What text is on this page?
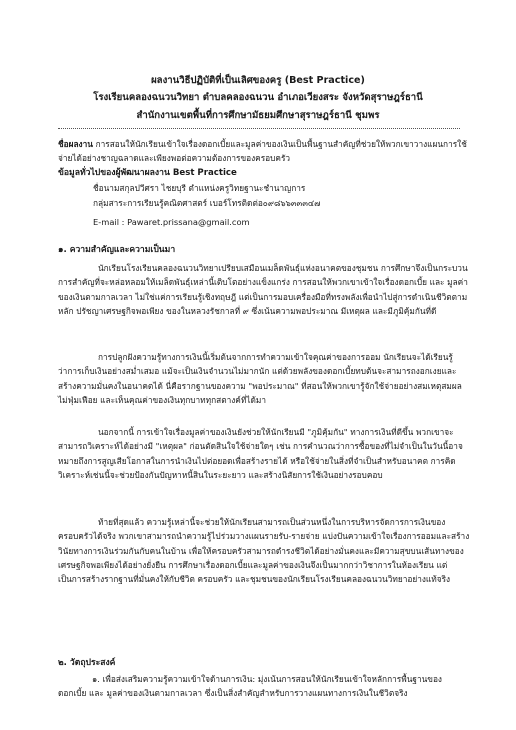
ผลงานวิธีปฏิบัติที่เป็นเลิศของครู (Best Practice)
โรงเรียนคลองฉนวนวิทยา ตำบลคลองฉนวน อำเภอเวียงสระ จังหวัดสุราษฎร์ธานี
สำนักงานเขตพื้นที่การศึกษามัธยมศึกษาสุราษฎร์ธานี ชุมพร
ชื่อผลงาน การสอนให้นักเรียนเข้าใจเรื่องดอกเบี้ยและมูลค่าของเงินเป็นพื้นฐานสำคัญที่ช่วยให้พวกเขาวางแผนการใช้จ่ายได้อย่างชาญฉลาดและเพียงพอต่อความต้องการของครอบครัว
ข้อมูลทั่วไปของผู้พัฒนาผลงาน Best Practice
ชื่อนามสกุลปวีศรา ไชยบุรี ตำแหน่งครูวิทยฐานะชำนาญการ
กลุ่มสาระการเรียนรู้คณิตศาสตร์ เบอร์โทรติดต่อ๐๙๘๖๖๓๓๓๔๗
E-mail : Pawaret.prissana@gmail.com
๑. ความสำคัญและความเป็นมา
นักเรียนโรงเรียนคลองฉนวนวิทยาเปรียบเสมือนเมล็ดพันธุ์แห่งอนาคตของชุมชน การศึกษาจึงเป็นกระบวนการสำคัญที่จะหล่อหลอมให้เมล็ดพันธุ์เหล่านี้เติบโตอย่างแข็งแกร่ง การสอนให้พวกเขาเข้าใจเรื่องดอกเบี้ย และ มูลค่าของเงินตามกาลเวลา ไม่ใช่แค่การเรียนรู้เชิงทฤษฎี แต่เป็นการมอบเครื่องมือที่ทรงพลังเพื่อนำไปสู่การดำเนินชีวิตตามหลัก ปรัชญาเศรษฐกิจพอเพียง ของในหลวงรัชกาลที่ ๙ ซึ่งเน้นความพอประมาณ มีเหตุผล และมีภูมิคุ้มกันที่ดี
การปลูกฝังความรู้ทางการเงินนี้เริ่มต้นจากการทำความเข้าใจคุณค่าของการออม นักเรียนจะได้เรียนรู้ว่าการเก็บเงินอย่างสม่ำเสมอ แม้จะเป็นเงินจำนวนไม่มากนัก แต่ด้วยพลังของดอกเบี้ยทบต้นจะสามารถงอกเงยและสร้างความมั่นคงในอนาคตได้ นี่คือรากฐานของความ "พอประมาณ" ที่สอนให้พวกเขารู้จักใช้จ่ายอย่างสมเหตุสมผล ไม่ฟุ่มเฟือย และเห็นคุณค่าของเงินทุกบาททุกสตางค์ที่ได้มา
นอกจากนี้ การเข้าใจเรื่องมูลค่าของเงินยังช่วยให้นักเรียนมี "ภูมิคุ้มกัน" ทางการเงินที่ดีขึ้น พวกเขาจะสามารถวิเคราะห์ได้อย่างมี "เหตุผล" ก่อนตัดสินใจใช้จ่ายใดๆ เช่น การคำนวณว่าการซื้อของที่ไม่จำเป็นในวันนี้อาจหมายถึงการสูญเสียโอกาสในการนำเงินไปต่อยอดเพื่อสร้างรายได้ หรือใช้จ่ายในสิ่งที่จำเป็นสำหรับอนาคต การคิดวิเคราะห์เช่นนี้จะช่วยป้องกันปัญหาหนี้สินในระยะยาว และสร้างนิสัยการใช้เงินอย่างรอบคอบ
ท้ายที่สุดแล้ว ความรู้เหล่านี้จะช่วยให้นักเรียนสามารถเป็นส่วนหนึ่งในการบริหารจัดการการเงินของครอบครัวได้จริง พวกเขาสามารถนำความรู้ไปร่วมวางแผนรายรับ-รายจ่าย แบ่งปันความเข้าใจเรื่องการออมและสร้างวินัยทางการเงินร่วมกันกับคนในบ้าน เพื่อให้ครอบครัวสามารถดำรงชีวิตได้อย่างมั่นคงและมีความสุขบนเส้นทางของเศรษฐกิจพอเพียงได้อย่างยั่งยืน การศึกษาเรื่องดอกเบี้ยและมูลค่าของเงินจึงเป็นมากกว่าวิชาการในห้องเรียน แต่เป็นการสร้างรากฐานที่มั่นคงให้กับชีวิต ครอบครัว และชุมชนของนักเรียนโรงเรียนคลองฉนวนวิทยาอย่างแท้จริง
๒. วัตถุประสงค์
๑. เพื่อส่งเสริมความรู้ความเข้าใจด้านการเงิน: มุ่งเน้นการสอนให้นักเรียนเข้าใจหลักการพื้นฐานของดอกเบี้ย และ มูลค่าของเงินตามกาลเวลา ซึ่งเป็นสิ่งสำคัญสำหรับการวางแผนทางการเงินในชีวิตจริง
